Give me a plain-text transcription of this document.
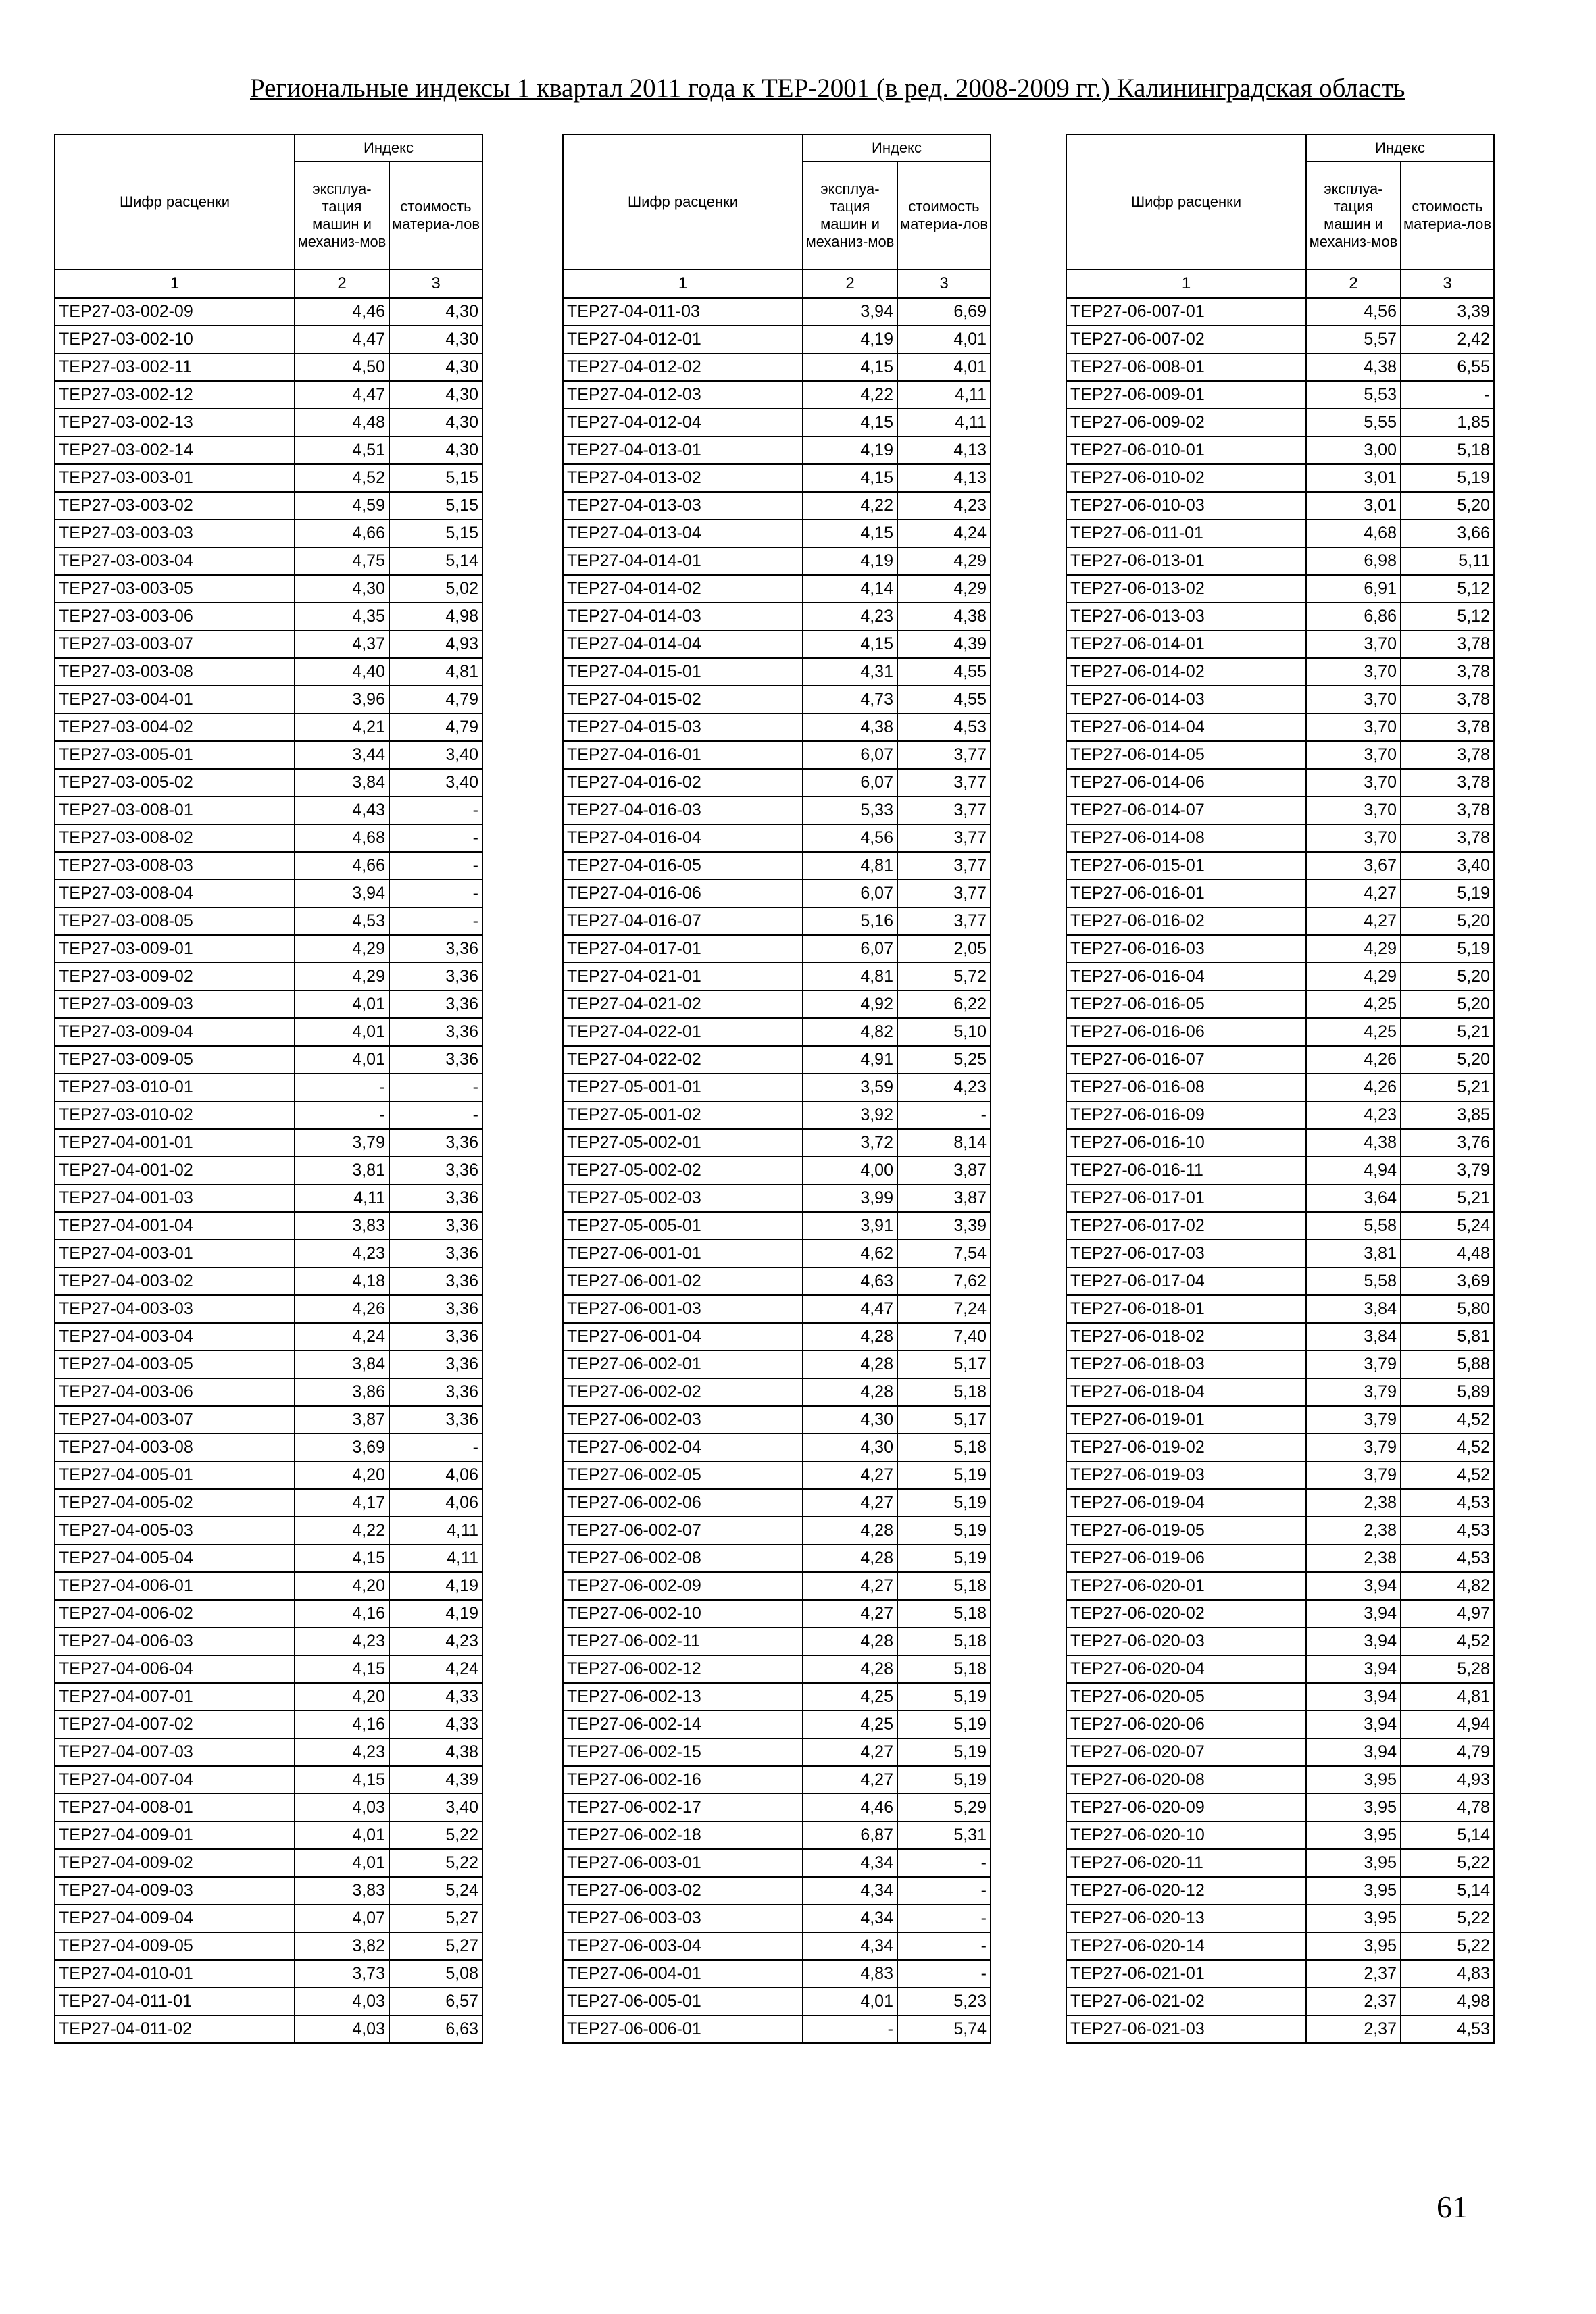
Региональные индексы 1 квартал 2011 года к ТЕР-2001 (в ред. 2008-2009 гг.) Калининградская область
Шифр расценки	Индекс	
	эксплуа-тация машин и механиз-мов	стоимость материа-лов
1	2	3
ТЕР27-03-002-09	4,46	4,30
ТЕР27-03-002-10	4,47	4,30
ТЕР27-03-002-11	4,50	4,30
ТЕР27-03-002-12	4,47	4,30
ТЕР27-03-002-13	4,48	4,30
ТЕР27-03-002-14	4,51	4,30
ТЕР27-03-003-01	4,52	5,15
ТЕР27-03-003-02	4,59	5,15
ТЕР27-03-003-03	4,66	5,15
ТЕР27-03-003-04	4,75	5,14
ТЕР27-03-003-05	4,30	5,02
ТЕР27-03-003-06	4,35	4,98
ТЕР27-03-003-07	4,37	4,93
ТЕР27-03-003-08	4,40	4,81
ТЕР27-03-004-01	3,96	4,79
ТЕР27-03-004-02	4,21	4,79
ТЕР27-03-005-01	3,44	3,40
ТЕР27-03-005-02	3,84	3,40
ТЕР27-03-008-01	4,43	-
ТЕР27-03-008-02	4,68	-
ТЕР27-03-008-03	4,66	-
ТЕР27-03-008-04	3,94	-
ТЕР27-03-008-05	4,53	-
ТЕР27-03-009-01	4,29	3,36
ТЕР27-03-009-02	4,29	3,36
ТЕР27-03-009-03	4,01	3,36
ТЕР27-03-009-04	4,01	3,36
ТЕР27-03-009-05	4,01	3,36
ТЕР27-03-010-01	-	-
ТЕР27-03-010-02	-	-
ТЕР27-04-001-01	3,79	3,36
ТЕР27-04-001-02	3,81	3,36
ТЕР27-04-001-03	4,11	3,36
ТЕР27-04-001-04	3,83	3,36
ТЕР27-04-003-01	4,23	3,36
ТЕР27-04-003-02	4,18	3,36
ТЕР27-04-003-03	4,26	3,36
ТЕР27-04-003-04	4,24	3,36
ТЕР27-04-003-05	3,84	3,36
ТЕР27-04-003-06	3,86	3,36
ТЕР27-04-003-07	3,87	3,36
ТЕР27-04-003-08	3,69	-
ТЕР27-04-005-01	4,20	4,06
ТЕР27-04-005-02	4,17	4,06
ТЕР27-04-005-03	4,22	4,11
ТЕР27-04-005-04	4,15	4,11
ТЕР27-04-006-01	4,20	4,19
ТЕР27-04-006-02	4,16	4,19
ТЕР27-04-006-03	4,23	4,23
ТЕР27-04-006-04	4,15	4,24
ТЕР27-04-007-01	4,20	4,33
ТЕР27-04-007-02	4,16	4,33
ТЕР27-04-007-03	4,23	4,38
ТЕР27-04-007-04	4,15	4,39
ТЕР27-04-008-01	4,03	3,40
ТЕР27-04-009-01	4,01	5,22
ТЕР27-04-009-02	4,01	5,22
ТЕР27-04-009-03	3,83	5,24
ТЕР27-04-009-04	4,07	5,27
ТЕР27-04-009-05	3,82	5,27
ТЕР27-04-010-01	3,73	5,08
ТЕР27-04-011-01	4,03	6,57
ТЕР27-04-011-02	4,03	6,63
Шифр расценки	Индекс	
	эксплуа-тация машин и механиз-мов	стоимость материа-лов
1	2	3
ТЕР27-04-011-03	3,94	6,69
ТЕР27-04-012-01	4,19	4,01
ТЕР27-04-012-02	4,15	4,01
ТЕР27-04-012-03	4,22	4,11
ТЕР27-04-012-04	4,15	4,11
ТЕР27-04-013-01	4,19	4,13
ТЕР27-04-013-02	4,15	4,13
ТЕР27-04-013-03	4,22	4,23
ТЕР27-04-013-04	4,15	4,24
ТЕР27-04-014-01	4,19	4,29
ТЕР27-04-014-02	4,14	4,29
ТЕР27-04-014-03	4,23	4,38
ТЕР27-04-014-04	4,15	4,39
ТЕР27-04-015-01	4,31	4,55
ТЕР27-04-015-02	4,73	4,55
ТЕР27-04-015-03	4,38	4,53
ТЕР27-04-016-01	6,07	3,77
ТЕР27-04-016-02	6,07	3,77
ТЕР27-04-016-03	5,33	3,77
ТЕР27-04-016-04	4,56	3,77
ТЕР27-04-016-05	4,81	3,77
ТЕР27-04-016-06	6,07	3,77
ТЕР27-04-016-07	5,16	3,77
ТЕР27-04-017-01	6,07	2,05
ТЕР27-04-021-01	4,81	5,72
ТЕР27-04-021-02	4,92	6,22
ТЕР27-04-022-01	4,82	5,10
ТЕР27-04-022-02	4,91	5,25
ТЕР27-05-001-01	3,59	4,23
ТЕР27-05-001-02	3,92	-
ТЕР27-05-002-01	3,72	8,14
ТЕР27-05-002-02	4,00	3,87
ТЕР27-05-002-03	3,99	3,87
ТЕР27-05-005-01	3,91	3,39
ТЕР27-06-001-01	4,62	7,54
ТЕР27-06-001-02	4,63	7,62
ТЕР27-06-001-03	4,47	7,24
ТЕР27-06-001-04	4,28	7,40
ТЕР27-06-002-01	4,28	5,17
ТЕР27-06-002-02	4,28	5,18
ТЕР27-06-002-03	4,30	5,17
ТЕР27-06-002-04	4,30	5,18
ТЕР27-06-002-05	4,27	5,19
ТЕР27-06-002-06	4,27	5,19
ТЕР27-06-002-07	4,28	5,19
ТЕР27-06-002-08	4,28	5,19
ТЕР27-06-002-09	4,27	5,18
ТЕР27-06-002-10	4,27	5,18
ТЕР27-06-002-11	4,28	5,18
ТЕР27-06-002-12	4,28	5,18
ТЕР27-06-002-13	4,25	5,19
ТЕР27-06-002-14	4,25	5,19
ТЕР27-06-002-15	4,27	5,19
ТЕР27-06-002-16	4,27	5,19
ТЕР27-06-002-17	4,46	5,29
ТЕР27-06-002-18	6,87	5,31
ТЕР27-06-003-01	4,34	-
ТЕР27-06-003-02	4,34	-
ТЕР27-06-003-03	4,34	-
ТЕР27-06-003-04	4,34	-
ТЕР27-06-004-01	4,83	-
ТЕР27-06-005-01	4,01	5,23
ТЕР27-06-006-01	-	5,74
Шифр расценки	Индекс	
	эксплуа-тация машин и механиз-мов	стоимость материа-лов
1	2	3
ТЕР27-06-007-01	4,56	3,39
ТЕР27-06-007-02	5,57	2,42
ТЕР27-06-008-01	4,38	6,55
ТЕР27-06-009-01	5,53	-
ТЕР27-06-009-02	5,55	1,85
ТЕР27-06-010-01	3,00	5,18
ТЕР27-06-010-02	3,01	5,19
ТЕР27-06-010-03	3,01	5,20
ТЕР27-06-011-01	4,68	3,66
ТЕР27-06-013-01	6,98	5,11
ТЕР27-06-013-02	6,91	5,12
ТЕР27-06-013-03	6,86	5,12
ТЕР27-06-014-01	3,70	3,78
ТЕР27-06-014-02	3,70	3,78
ТЕР27-06-014-03	3,70	3,78
ТЕР27-06-014-04	3,70	3,78
ТЕР27-06-014-05	3,70	3,78
ТЕР27-06-014-06	3,70	3,78
ТЕР27-06-014-07	3,70	3,78
ТЕР27-06-014-08	3,70	3,78
ТЕР27-06-015-01	3,67	3,40
ТЕР27-06-016-01	4,27	5,19
ТЕР27-06-016-02	4,27	5,20
ТЕР27-06-016-03	4,29	5,19
ТЕР27-06-016-04	4,29	5,20
ТЕР27-06-016-05	4,25	5,20
ТЕР27-06-016-06	4,25	5,21
ТЕР27-06-016-07	4,26	5,20
ТЕР27-06-016-08	4,26	5,21
ТЕР27-06-016-09	4,23	3,85
ТЕР27-06-016-10	4,38	3,76
ТЕР27-06-016-11	4,94	3,79
ТЕР27-06-017-01	3,64	5,21
ТЕР27-06-017-02	5,58	5,24
ТЕР27-06-017-03	3,81	4,48
ТЕР27-06-017-04	5,58	3,69
ТЕР27-06-018-01	3,84	5,80
ТЕР27-06-018-02	3,84	5,81
ТЕР27-06-018-03	3,79	5,88
ТЕР27-06-018-04	3,79	5,89
ТЕР27-06-019-01	3,79	4,52
ТЕР27-06-019-02	3,79	4,52
ТЕР27-06-019-03	3,79	4,52
ТЕР27-06-019-04	2,38	4,53
ТЕР27-06-019-05	2,38	4,53
ТЕР27-06-019-06	2,38	4,53
ТЕР27-06-020-01	3,94	4,82
ТЕР27-06-020-02	3,94	4,97
ТЕР27-06-020-03	3,94	4,52
ТЕР27-06-020-04	3,94	5,28
ТЕР27-06-020-05	3,94	4,81
ТЕР27-06-020-06	3,94	4,94
ТЕР27-06-020-07	3,94	4,79
ТЕР27-06-020-08	3,95	4,93
ТЕР27-06-020-09	3,95	4,78
ТЕР27-06-020-10	3,95	5,14
ТЕР27-06-020-11	3,95	5,22
ТЕР27-06-020-12	3,95	5,14
ТЕР27-06-020-13	3,95	5,22
ТЕР27-06-020-14	3,95	5,22
ТЕР27-06-021-01	2,37	4,83
ТЕР27-06-021-02	2,37	4,98
ТЕР27-06-021-03	2,37	4,53
61
